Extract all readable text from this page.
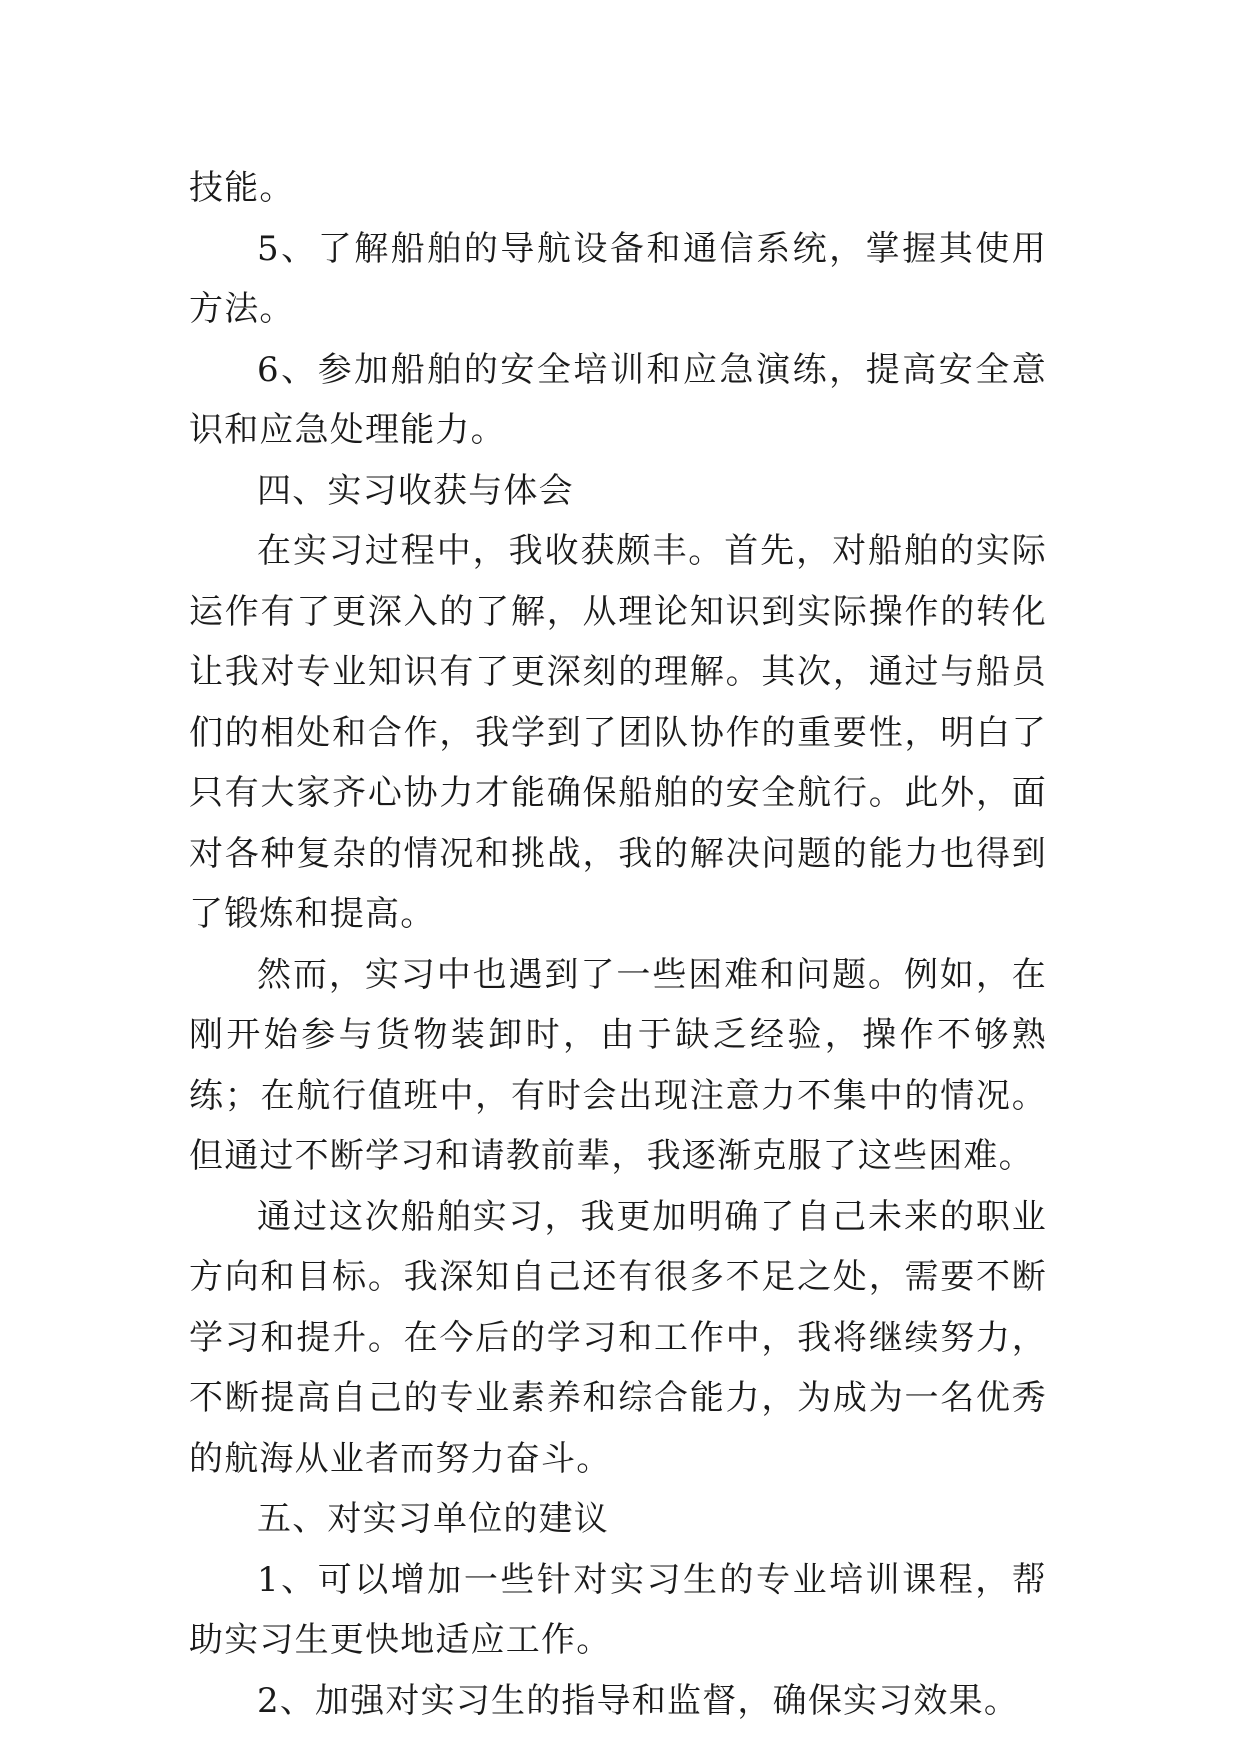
技能。

5、了解船舶的导航设备和通信系统，掌握其使用方法。

6、参加船舶的安全培训和应急演练，提高安全意识和应急处理能力。

四、实习收获与体会

在实习过程中，我收获颇丰。首先，对船舶的实际运作有了更深入的了解，从理论知识到实际操作的转化让我对专业知识有了更深刻的理解。其次，通过与船员们的相处和合作，我学到了团队协作的重要性，明白了只有大家齐心协力才能确保船舶的安全航行。此外，面对各种复杂的情况和挑战，我的解决问题的能力也得到了锻炼和提高。

然而，实习中也遇到了一些困难和问题。例如，在刚开始参与货物装卸时，由于缺乏经验，操作不够熟练；在航行值班中，有时会出现注意力不集中的情况。但通过不断学习和请教前辈，我逐渐克服了这些困难。

通过这次船舶实习，我更加明确了自己未来的职业方向和目标。我深知自己还有很多不足之处，需要不断学习和提升。在今后的学习和工作中，我将继续努力，不断提高自己的专业素养和综合能力，为成为一名优秀的航海从业者而努力奋斗。

五、对实习单位的建议

1、可以增加一些针对实习生的专业培训课程，帮助实习生更快地适应工作。

2、加强对实习生的指导和监督，确保实习效果。
